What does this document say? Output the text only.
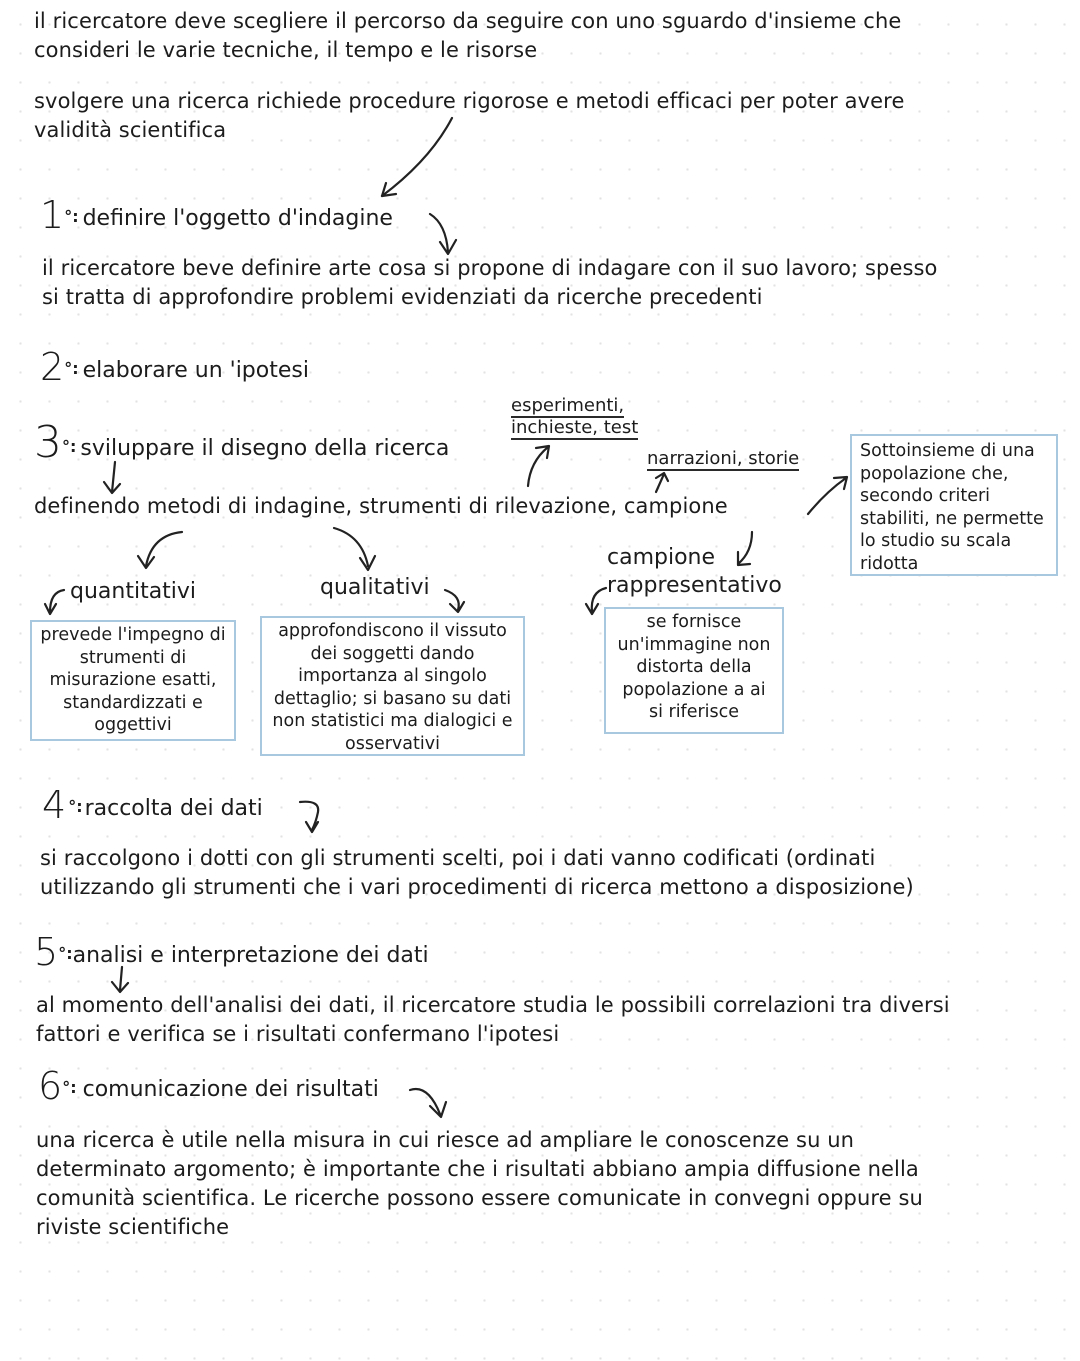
il ricercatore deve scegliere il percorso da seguire con uno sguardo d'insieme che
consideri le varie tecniche, il tempo e le risorse
svolgere una ricerca richiede procedure rigorose e metodi efficaci per poter avere
validità scientifica
1 °: definire l'oggetto d'indagine
il ricercatore beve definire arte cosa si propone di indagare con il suo lavoro; spesso
si tratta di approfondire problemi evidenziati da ricerche precedenti
2 °: elaborare un 'ipotesi
3 °: sviluppare il disegno della ricerca
esperimenti,
inchieste, test
narrazioni, storie
definendo metodi di indagine, strumenti di rilevazione, campione
Sottoinsieme di una
popolazione che,
secondo criteri
stabiliti, ne permette
lo studio su scala
ridotta
quantitativi	qualitativi
campione
rappresentativo
prevede l'impegno di
strumenti di
misurazione esatti,
standardizzati e
oggettivi
approfondiscono il vissuto
dei soggetti dando
importanza al singolo
dettaglio; si basano su dati
non statistici ma dialogici e
osservativi
se fornisce
un'immagine non
distorta della
popolazione a ai
si riferisce
4 °: raccolta dei dati
si raccolgono i dotti con gli strumenti scelti, poi i dati vanno codificati (ordinati
utilizzando gli strumenti che i vari procedimenti di ricerca mettono a disposizione)
5 °: analisi e interpretazione dei dati
al momento dell'analisi dei dati, il ricercatore studia le possibili correlazioni tra diversi
fattori e verifica se i risultati confermano l'ipotesi
6 °: comunicazione dei risultati
una ricerca è utile nella misura in cui riesce ad ampliare le conoscenze su un
determinato argomento; è importante che i risultati abbiano ampia diffusione nella
comunità scientifica. Le ricerche possono essere comunicate in convegni oppure su
riviste scientifiche
